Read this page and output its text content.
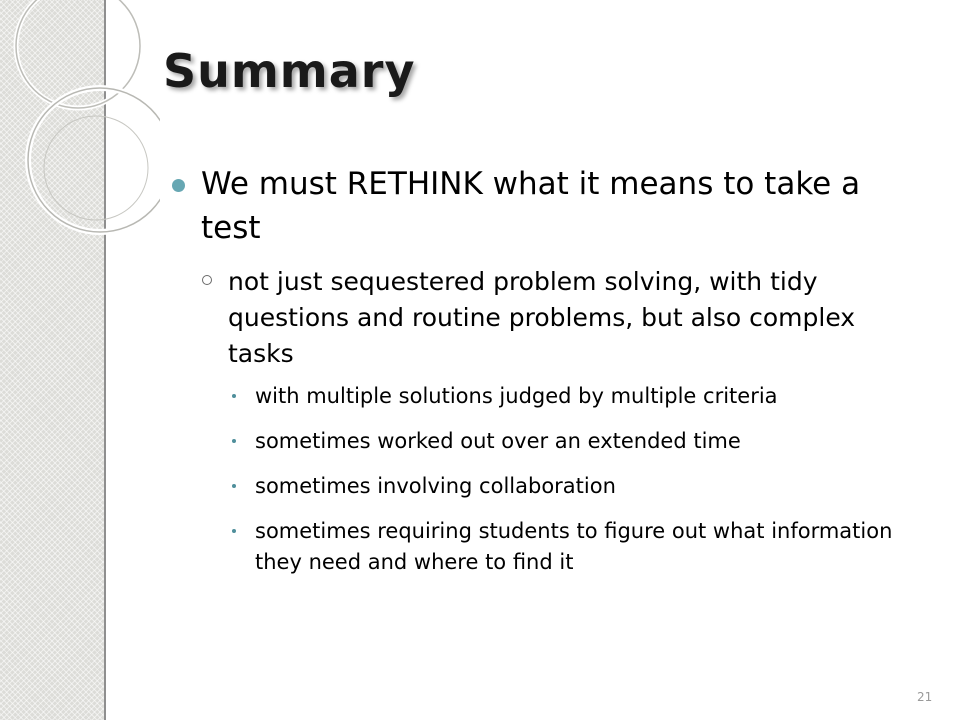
Summary
We must RETHINK what it means to take a test
not just sequestered problem solving, with tidy questions and routine problems, but also complex tasks
with multiple solutions judged by multiple criteria
sometimes worked out over an extended time
sometimes involving collaboration
sometimes requiring students to figure out what information they need and where to find it
21
